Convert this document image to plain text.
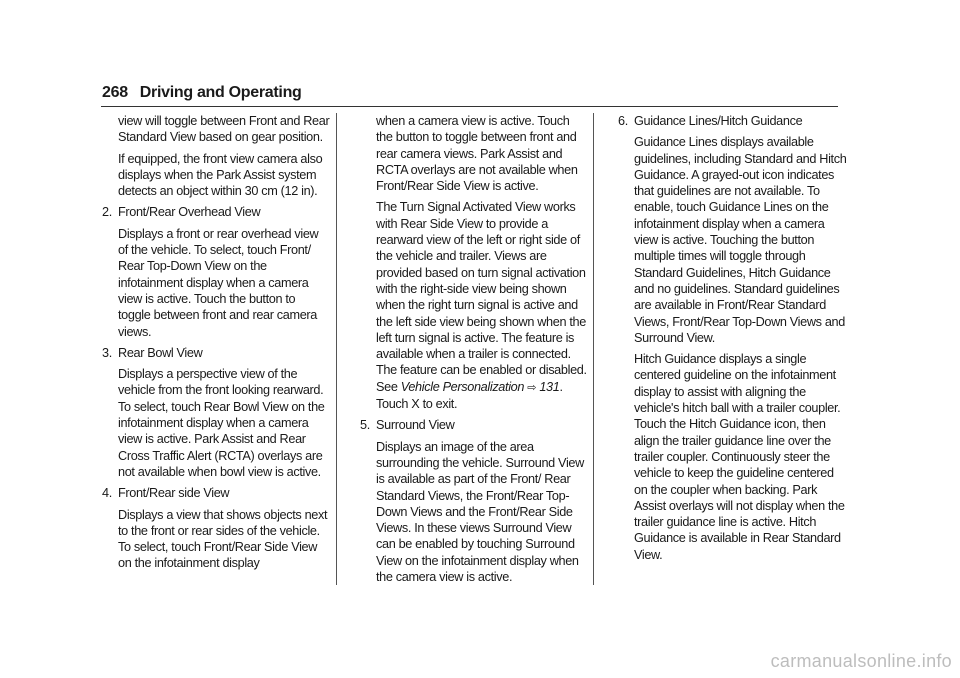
268 Driving and Operating

view will toggle between Front and Rear Standard View based on gear position.

If equipped, the front view camera also displays when the Park Assist system detects an object within 30 cm (12 in).

2. Front/Rear Overhead View

Displays a front or rear overhead view of the vehicle. To select, touch Front/ Rear Top-Down View on the infotainment display when a camera view is active. Touch the button to toggle between front and rear camera views.

3. Rear Bowl View

Displays a perspective view of the vehicle from the front looking rearward. To select, touch Rear Bowl View on the infotainment display when a camera view is active. Park Assist and Rear Cross Traffic Alert (RCTA) overlays are not available when bowl view is active.

4. Front/Rear side View

Displays a view that shows objects next to the front or rear sides of the vehicle. To select, touch Front/Rear Side View on the infotainment display

when a camera view is active. Touch the button to toggle between front and rear camera views. Park Assist and RCTA overlays are not available when Front/Rear Side View is active.

The Turn Signal Activated View works with Rear Side View to provide a rearward view of the left or right side of the vehicle and trailer. Views are provided based on turn signal activation with the right-side view being shown when the right turn signal is active and the left side view being shown when the left turn signal is active. The feature is available when a trailer is connected. The feature can be enabled or disabled. See Vehicle Personalization ⇨ 131. Touch X to exit.

5. Surround View

Displays an image of the area surrounding the vehicle. Surround View is available as part of the Front/ Rear Standard Views, the Front/Rear Top-Down Views and the Front/Rear Side Views. In these views Surround View can be enabled by touching Surround View on the infotainment display when the camera view is active.

6. Guidance Lines/Hitch Guidance

Guidance Lines displays available guidelines, including Standard and Hitch Guidance. A grayed-out icon indicates that guidelines are not available. To enable, touch Guidance Lines on the infotainment display when a camera view is active. Touching the button multiple times will toggle through Standard Guidelines, Hitch Guidance and no guidelines. Standard guidelines are available in Front/Rear Standard Views, Front/Rear Top-Down Views and Surround View.

Hitch Guidance displays a single centered guideline on the infotainment display to assist with aligning the vehicle's hitch ball with a trailer coupler. Touch the Hitch Guidance icon, then align the trailer guidance line over the trailer coupler. Continuously steer the vehicle to keep the guideline centered on the coupler when backing. Park Assist overlays will not display when the trailer guidance line is active. Hitch Guidance is available in Rear Standard View.

carmanualsonline.info
